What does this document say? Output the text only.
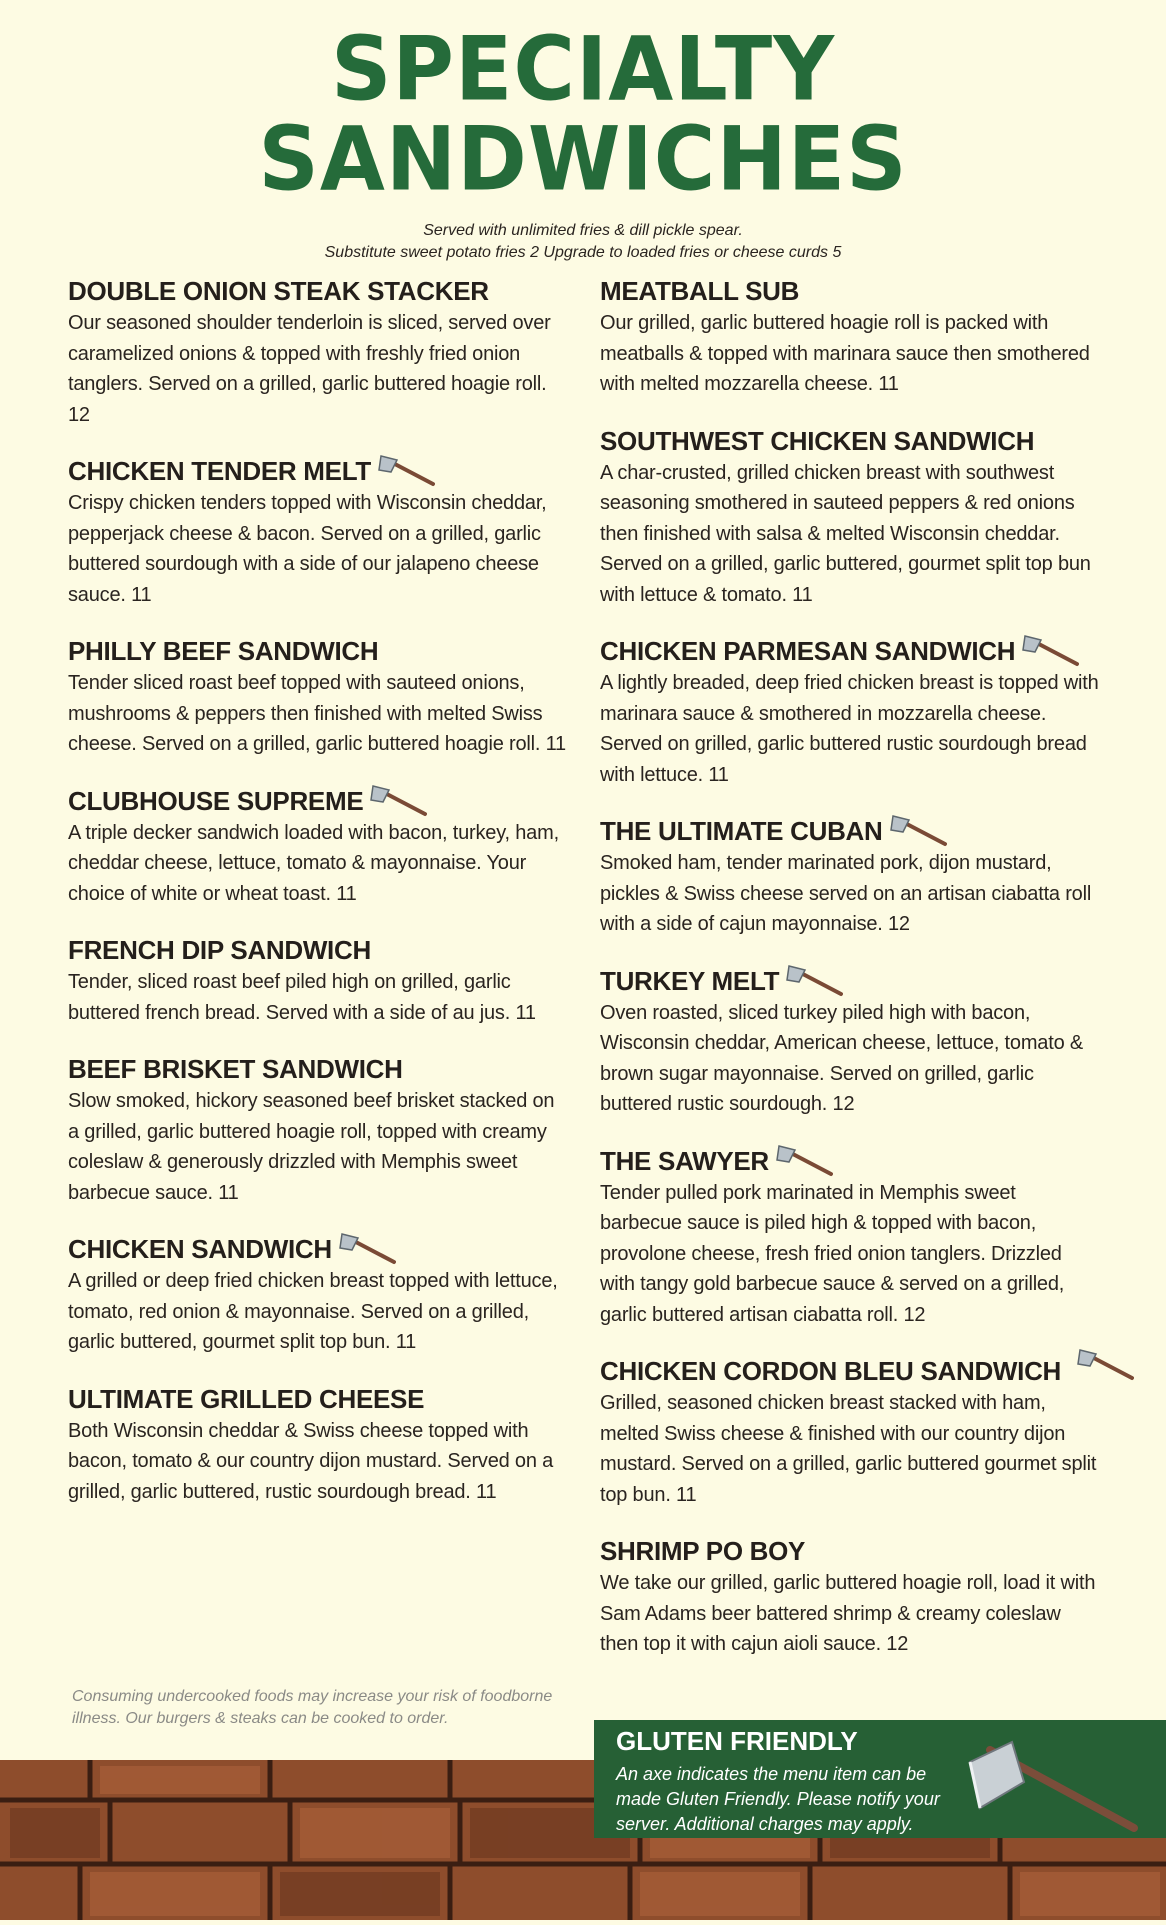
SPECIALTY
SANDWICHES
Served with unlimited fries & dill pickle spear.
Substitute sweet potato fries 2 Upgrade to loaded fries or cheese curds 5
DOUBLE ONION STEAK STACKER

Our seasoned shoulder tenderloin is sliced, served over caramelized onions & topped with freshly fried onion tanglers. Served on a grilled, garlic buttered hoagie roll. 12

CHICKEN TENDER MELT

Crispy chicken tenders topped with Wisconsin cheddar, pepperjack cheese & bacon. Served on a grilled, garlic buttered sourdough with a side of our jalapeno cheese sauce. 11

PHILLY BEEF SANDWICH

Tender sliced roast beef topped with sauteed onions, mushrooms & peppers then finished with melted Swiss cheese. Served on a grilled, garlic buttered hoagie roll. 11

CLUBHOUSE SUPREME

A triple decker sandwich loaded with bacon, turkey, ham, cheddar cheese, lettuce, tomato & mayonnaise. Your choice of white or wheat toast. 11

FRENCH DIP SANDWICH

Tender, sliced roast beef piled high on grilled, garlic buttered french bread. Served with a side of au jus. 11

BEEF BRISKET SANDWICH

Slow smoked, hickory seasoned beef brisket stacked on a grilled, garlic buttered hoagie roll, topped with creamy coleslaw & generously drizzled with Memphis sweet barbecue sauce. 11

CHICKEN SANDWICH

A grilled or deep fried chicken breast topped with lettuce, tomato, red onion & mayonnaise. Served on a grilled, garlic buttered, gourmet split top bun. 11

ULTIMATE GRILLED CHEESE

Both Wisconsin cheddar & Swiss cheese topped with bacon, tomato & our country dijon mustard. Served on a grilled, garlic buttered, rustic sourdough bread. 11

MEATBALL SUB

Our grilled, garlic buttered hoagie roll is packed with meatballs & topped with marinara sauce then smothered with melted mozzarella cheese. 11

SOUTHWEST CHICKEN SANDWICH

A char-crusted, grilled chicken breast with southwest seasoning smothered in sauteed peppers & red onions then finished with salsa & melted Wisconsin cheddar. Served on a grilled, garlic buttered, gourmet split top bun with lettuce & tomato. 11

CHICKEN PARMESAN SANDWICH

A lightly breaded, deep fried chicken breast is topped with marinara sauce & smothered in mozzarella cheese. Served on grilled, garlic buttered rustic sourdough bread with lettuce. 11

THE ULTIMATE CUBAN

Smoked ham, tender marinated pork, dijon mustard, pickles & Swiss cheese served on an artisan ciabatta roll with a side of cajun mayonnaise. 12

TURKEY MELT

Oven roasted, sliced turkey piled high with bacon, Wisconsin cheddar, American cheese, lettuce, tomato & brown sugar mayonnaise. Served on grilled, garlic buttered rustic sourdough. 12

THE SAWYER

Tender pulled pork marinated in Memphis sweet barbecue sauce is piled high & topped with bacon, provolone cheese, fresh fried onion tanglers. Drizzled with tangy gold barbecue sauce & served on a grilled, garlic buttered artisan ciabatta roll. 12

CHICKEN CORDON BLEU SANDWICH

Grilled, seasoned chicken breast stacked with ham, melted Swiss cheese & finished with our country dijon mustard. Served on a grilled, garlic buttered gourmet split top bun. 11

SHRIMP PO BOY

We take our grilled, garlic buttered hoagie roll, load it with Sam Adams beer battered shrimp & creamy coleslaw then top it with cajun aioli sauce. 12

Consuming undercooked foods may increase your risk of foodborne illness. Our burgers & steaks can be cooked to order.
GLUTEN FRIENDLY
An axe indicates the menu item can be made Gluten Friendly. Please notify your server. Additional charges may apply.
